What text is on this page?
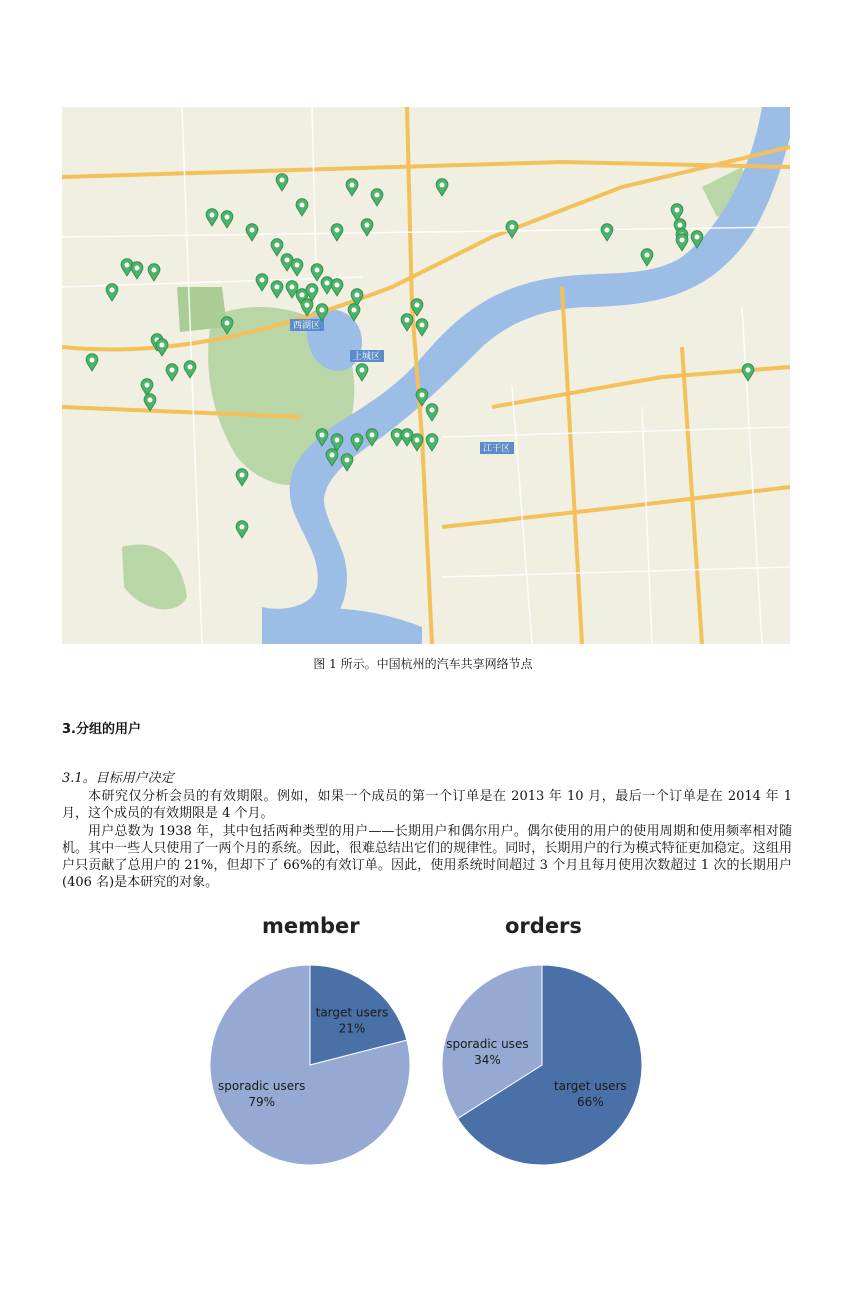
西湖区
上城区
江干区
图 1 所示。中国杭州的汽车共享网络节点
3.分组的用户
3.1。目标用户决定
本研究仅分析会员的有效期限。例如，如果一个成员的第一个订单是在 2013 年 10 月，最后一个订单是在 2014 年 1 月，这个成员的有效期限是 4 个月。
用户总数为 1938 年，其中包括两种类型的用户——长期用户和偶尔用户。偶尔使用的用户的使用周期和使用频率相对随机。其中一些人只使用了一两个月的系统。因此，很难总结出它们的规律性。同时，长期用户的行为模式特征更加稳定。这组用户只贡献了总用户的 21%，但却下了 66%的有效订单。因此，使用系统时间超过 3 个月且每月使用次数超过 1 次的长期用户(406 名)是本研究的对象。
member	orders
target users
21%
sporadic users
79%
target users
66%
sporadic uses
34%
